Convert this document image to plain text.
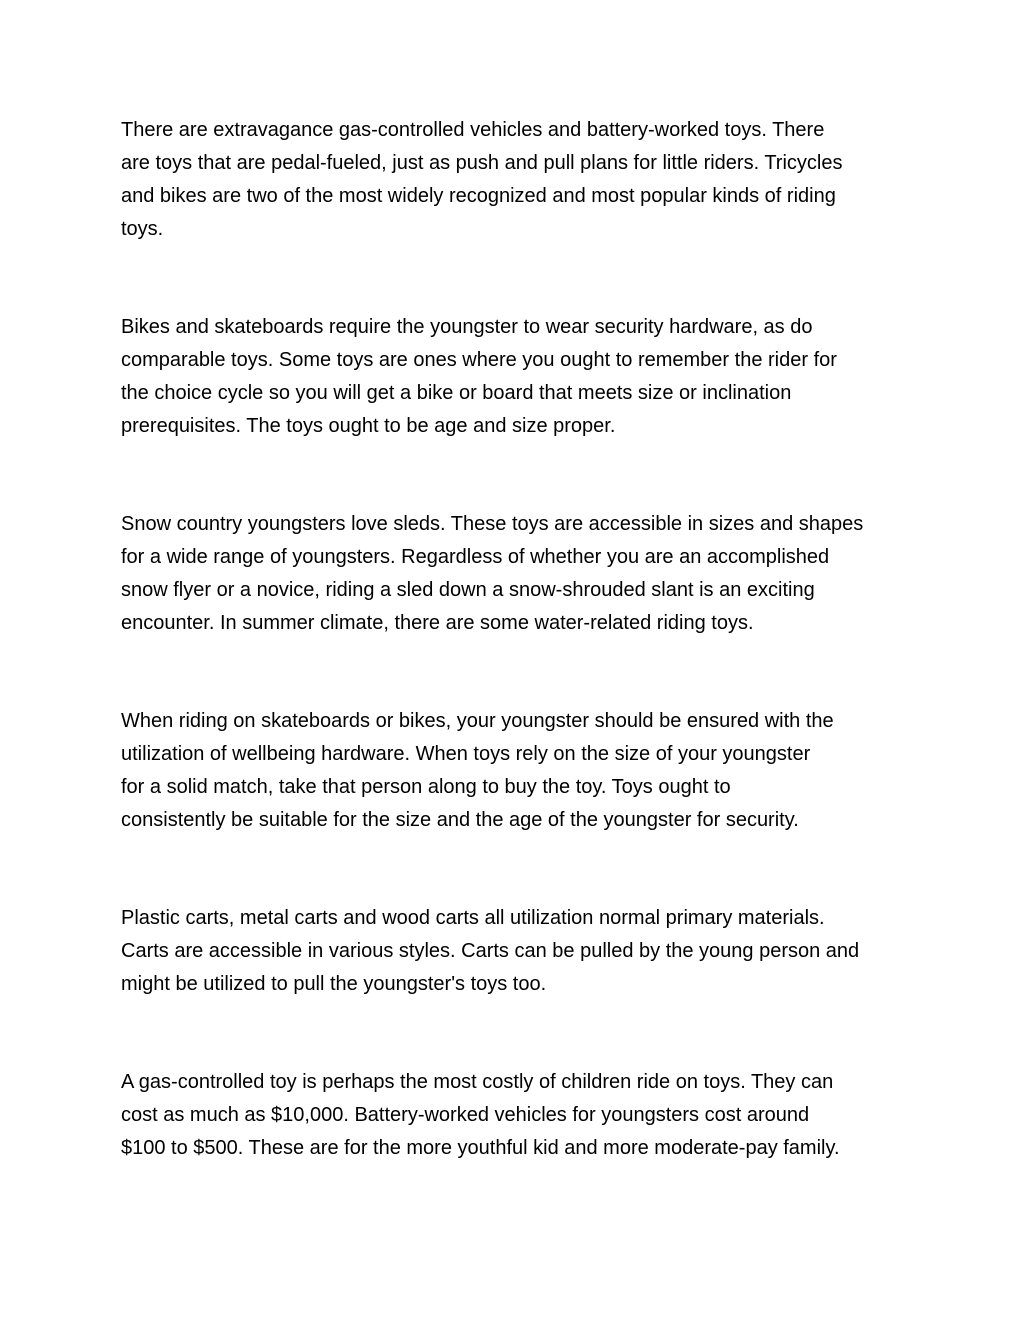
There are extravagance gas-controlled vehicles and battery-worked toys. There
are toys that are pedal-fueled, just as push and pull plans for little riders. Tricycles
and bikes are two of the most widely recognized and most popular kinds of riding
toys.

Bikes and skateboards require the youngster to wear security hardware, as do
comparable toys. Some toys are ones where you ought to remember the rider for
the choice cycle so you will get a bike or board that meets size or inclination
prerequisites. The toys ought to be age and size proper.

Snow country youngsters love sleds. These toys are accessible in sizes and shapes
for a wide range of youngsters. Regardless of whether you are an accomplished
snow flyer or a novice, riding a sled down a snow-shrouded slant is an exciting
encounter. In summer climate, there are some water-related riding toys.

When riding on skateboards or bikes, your youngster should be ensured with the
utilization of wellbeing hardware. When toys rely on the size of your youngster
for a solid match, take that person along to buy the toy. Toys ought to
consistently be suitable for the size and the age of the youngster for security.

Plastic carts, metal carts and wood carts all utilization normal primary materials.
Carts are accessible in various styles. Carts can be pulled by the young person and
might be utilized to pull the youngster's toys too.

A gas-controlled toy is perhaps the most costly of children ride on toys. They can
cost as much as $10,000. Battery-worked vehicles for youngsters cost around
$100 to $500. These are for the more youthful kid and more moderate-pay family.
